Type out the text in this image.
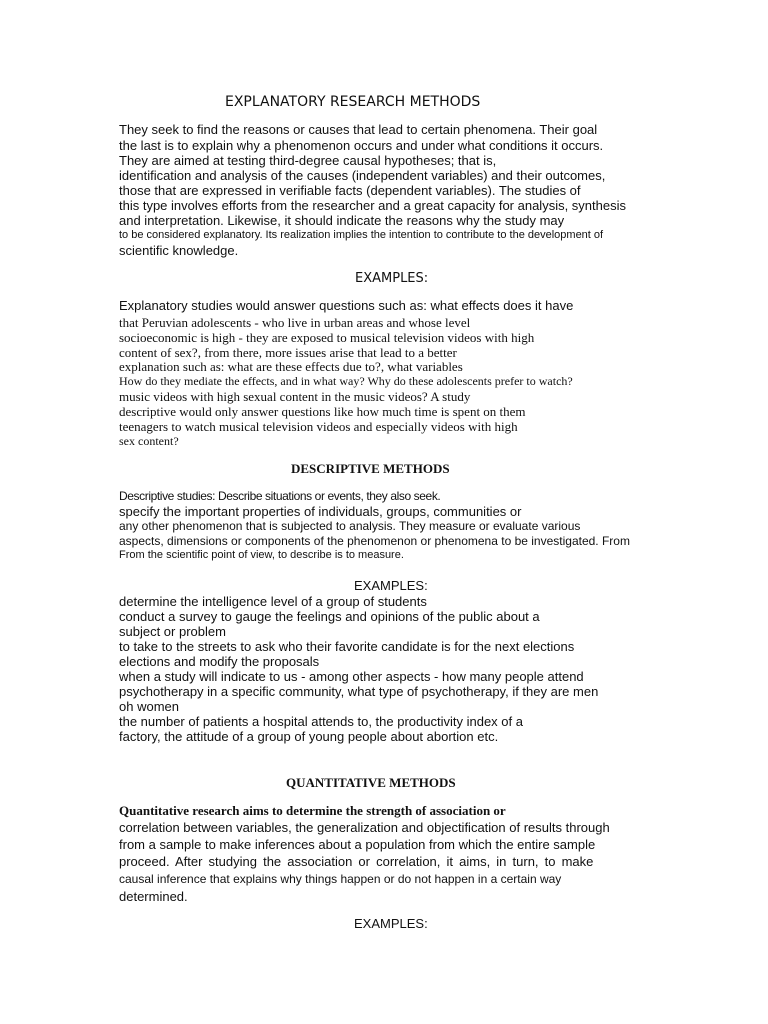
EXPLANATORY RESEARCH METHODS
They seek to find the reasons or causes that lead to certain phenomena. Their goal
the last is to explain why a phenomenon occurs and under what conditions it occurs.
They are aimed at testing third-degree causal hypotheses; that is,
identification and analysis of the causes (independent variables) and their outcomes,
those that are expressed in verifiable facts (dependent variables). The studies of
this type involves efforts from the researcher and a great capacity for analysis, synthesis
and interpretation. Likewise, it should indicate the reasons why the study may
to be considered explanatory. Its realization implies the intention to contribute to the development of
scientific knowledge.
EXAMPLES:
Explanatory studies would answer questions such as: what effects does it have
that Peruvian adolescents - who live in urban areas and whose level
socioeconomic is high - they are exposed to musical television videos with high
content of sex?, from there, more issues arise that lead to a better
explanation such as: what are these effects due to?, what variables
How do they mediate the effects, and in what way? Why do these adolescents prefer to watch?
music videos with high sexual content in the music videos? A study
descriptive would only answer questions like how much time is spent on them
teenagers to watch musical television videos and especially videos with high
sex content?
DESCRIPTIVE METHODS
Descriptive studies: Describe situations or events, they also seek.
specify the important properties of individuals, groups, communities or
any other phenomenon that is subjected to analysis. They measure or evaluate various
aspects, dimensions or components of the phenomenon or phenomena to be investigated. From
From the scientific point of view, to describe is to measure.
EXAMPLES:
determine the intelligence level of a group of students
conduct a survey to gauge the feelings and opinions of the public about a
subject or problem
to take to the streets to ask who their favorite candidate is for the next elections
elections and modify the proposals
when a study will indicate to us - among other aspects - how many people attend
psychotherapy in a specific community, what type of psychotherapy, if they are men
oh women
the number of patients a hospital attends to, the productivity index of a
factory, the attitude of a group of young people about abortion etc.
QUANTITATIVE METHODS
Quantitative research aims to determine the strength of association or
correlation between variables, the generalization and objectification of results through
from a sample to make inferences about a population from which the entire sample
proceed. After studying the association or correlation, it aims, in turn, to make
causal inference that explains why things happen or do not happen in a certain way
determined.
EXAMPLES:
